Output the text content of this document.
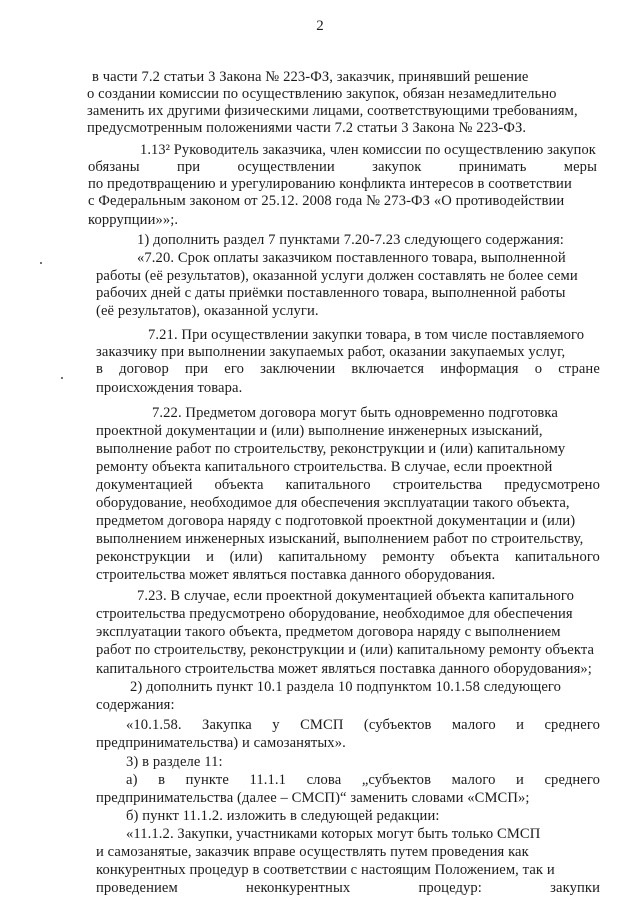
2
в части 7.2 статьи 3 Закона № 223-ФЗ, заказчик, принявший решение
о создании комиссии по осуществлению закупок, обязан незамедлительно
заменить их другими физическими лицами, соответствующими требованиям,
предусмотренным положениями части 7.2 статьи 3 Закона № 223-ФЗ.
1.13² Руководитель заказчика, член комиссии по осуществлению закупок
обязаны	при	осуществлении	закупок	принимать	меры
по предотвращению и урегулированию конфликта интересов в соответствии
с Федеральным законом от 25.12. 2008 года № 273-ФЗ «О противодействии
коррупции»»;.
1) дополнить раздел 7 пунктами 7.20-7.23 следующего содержания:
«7.20. Срок оплаты заказчиком поставленного товара, выполненной
работы (её результатов), оказанной услуги должен составлять не более семи
рабочих дней с даты приёмки поставленного товара, выполненной работы
(её результатов), оказанной услуги.
7.21. При осуществлении закупки товара, в том числе поставляемого
заказчику при выполнении закупаемых работ, оказании закупаемых услуг,
в договор при его заключении включается информация о стране
происхождения товара.
7.22. Предметом договора могут быть одновременно подготовка
проектной документации и (или) выполнение инженерных изысканий,
выполнение работ по строительству, реконструкции и (или) капитальному
ремонту объекта капитального строительства. В случае, если проектной
документацией объекта капитального строительства предусмотрено
оборудование, необходимое для обеспечения эксплуатации такого объекта,
предметом договора наряду с подготовкой проектной документации и (или)
выполнением инженерных изысканий, выполнением работ по строительству,
реконструкции и (или) капитальному ремонту объекта капитального
строительства может являться поставка данного оборудования.
7.23. В случае, если проектной документацией объекта капитального
строительства предусмотрено оборудование, необходимое для обеспечения
эксплуатации такого объекта, предметом договора наряду с выполнением
работ по строительству, реконструкции и (или) капитальному ремонту объекта
капитального строительства может являться поставка данного оборудования»;
2) дополнить пункт 10.1 раздела 10 подпунктом 10.1.58 следующего
содержания:
«10.1.58. Закупка у СМСП (субъектов малого и среднего
предпринимательства) и самозанятых».
3) в разделе 11:
а) в пункте 11.1.1 слова „субъектов малого и среднего
предпринимательства (далее – СМСП)“ заменить словами «СМСП»;
б) пункт 11.1.2. изложить в следующей редакции:
«11.1.2. Закупки, участниками которых могут быть только СМСП
и самозанятые, заказчик вправе осуществлять путем проведения как
конкурентных процедур в соответствии с настоящим Положением, так и
проведением	неконкурентных	процедур:	закупки
